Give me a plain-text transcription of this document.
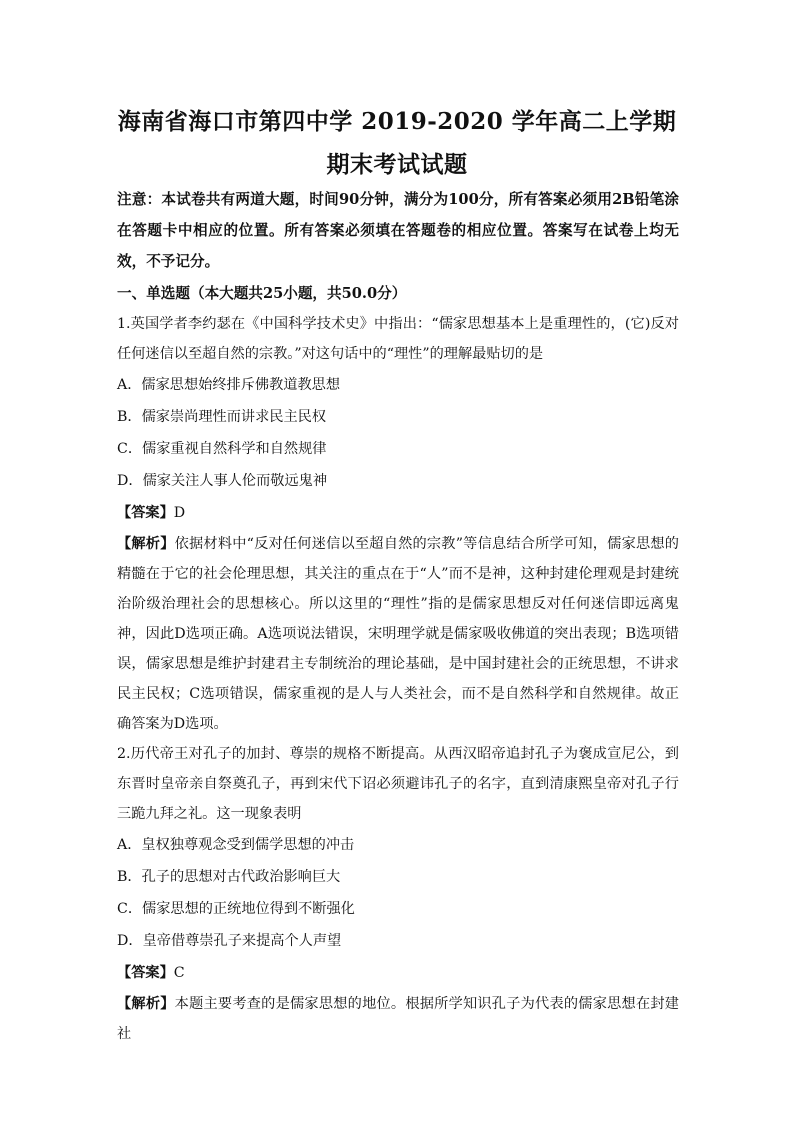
海南省海口市第四中学 2019-2020 学年高二上学期
期末考试试题

注意：本试卷共有两道大题，时间90分钟，满分为100分，所有答案必须用2B铅笔涂在答题卡中相应的位置。所有答案必须填在答题卷的相应位置。答案写在试卷上均无效，不予记分。

一、单选题（本大题共25小题，共50.0分）

1.英国学者李约瑟在《中国科学技术史》中指出：“儒家思想基本上是重理性的，(它)反对任何迷信以至超自然的宗教。”对这句话中的“理性”的理解最贴切的是

A．儒家思想始终排斥佛教道教思想

B．儒家崇尚理性而讲求民主民权

C．儒家重视自然科学和自然规律

D．儒家关注人事人伦而敬远鬼神

【答案】D

【解析】依据材料中“反对任何迷信以至超自然的宗教”等信息结合所学可知，儒家思想的精髓在于它的社会伦理思想，其关注的重点在于“人”而不是神，这种封建伦理观是封建统治阶级治理社会的思想核心。所以这里的“理性”指的是儒家思想反对任何迷信即远离鬼神，因此D选项正确。A选项说法错误，宋明理学就是儒家吸收佛道的突出表现；B选项错误，儒家思想是维护封建君主专制统治的理论基础，是中国封建社会的正统思想，不讲求民主民权；C选项错误，儒家重视的是人与人类社会，而不是自然科学和自然规律。故正确答案为D选项。

2.历代帝王对孔子的加封、尊崇的规格不断提高。从西汉昭帝追封孔子为褒成宣尼公，到东晋时皇帝亲自祭奠孔子，再到宋代下诏必须避讳孔子的名字，直到清康熙皇帝对孔子行三跪九拜之礼。这一现象表明

A．皇权独尊观念受到儒学思想的冲击

B．孔子的思想对古代政治影响巨大

C．儒家思想的正统地位得到不断强化

D．皇帝借尊崇孔子来提高个人声望

【答案】C

【解析】本题主要考查的是儒家思想的地位。根据所学知识孔子为代表的儒家思想在封建社
